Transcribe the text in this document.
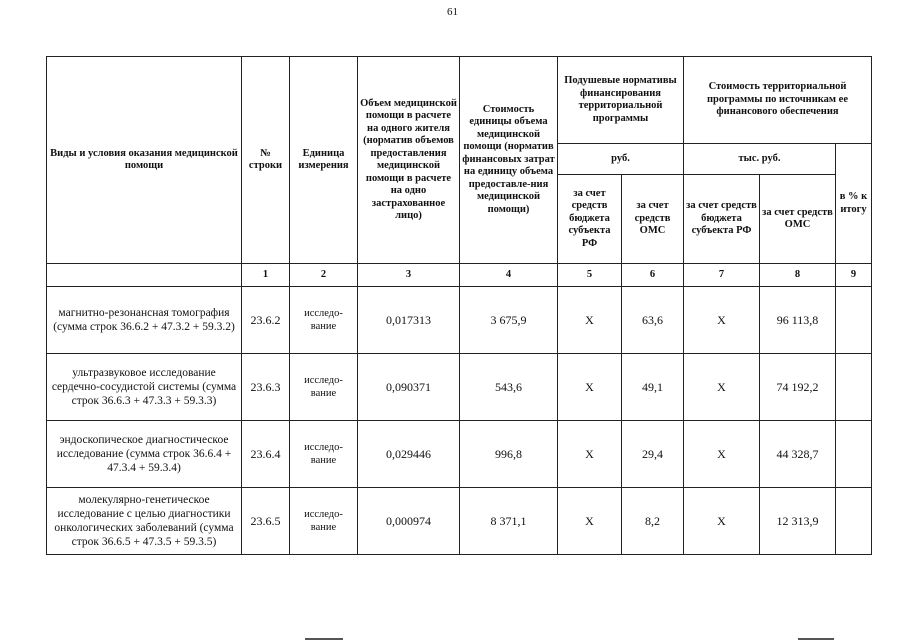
61
Виды и условия оказания медицинской помощи	№ строки	Единица измерения	Объем медицинской помощи в расчете на одного жителя (норматив объемов предоставления медицинской помощи в расчете на одно застрахованное лицо)	Стоимость единицы объема медицинской помощи (норматив финансовых затрат на единицу объема предоставле-ния медицинской помощи)	Подушевые нормативы финансирования территориальной программы		Стоимость территориальной программы по источникам ее финансового обеспечения		
					руб.		тыс. руб.		в % к итогу
					за счет средств бюджета субъекта РФ	за счет средств ОМС	за счет средств бюджета субъекта РФ	за счет средств ОМС	
	1	2	3	4	5	6	7	8	9
магнитно-резонансная томография (сумма строк 36.6.2 + 47.3.2 + 59.3.2)	23.6.2	исследо-вание	0,017313	3 675,9	X	63,6	X	96 113,8	
ультразвуковое исследование сердечно-сосудистой системы (сумма строк 36.6.3 + 47.3.3 + 59.3.3)	23.6.3	исследо-вание	0,090371	543,6	X	49,1	X	74 192,2	
эндоскопическое диагностическое исследование (сумма строк 36.6.4 + 47.3.4 + 59.3.4)	23.6.4	исследо-вание	0,029446	996,8	X	29,4	X	44 328,7	
молекулярно-генетическое исследование с целью диагностики онкологических заболеваний (сумма строк 36.6.5 + 47.3.5 + 59.3.5)	23.6.5	исследо-вание	0,000974	8 371,1	X	8,2	X	12 313,9	
